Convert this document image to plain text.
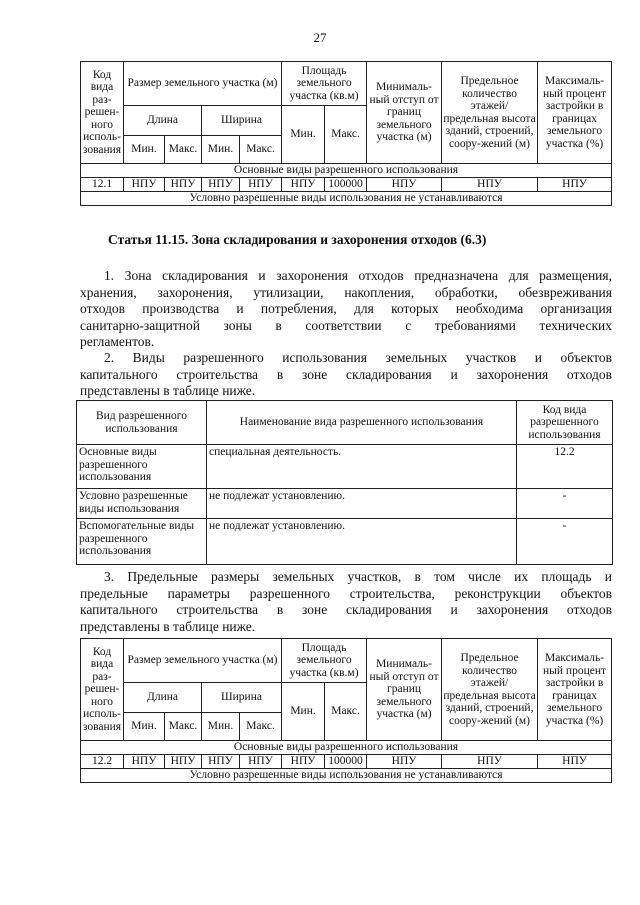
27
Код вида раз-решен-ного исполь-зования	Размер земельного участка (м)				Площадь земельного участка (кв.м)		Минималь-ный отступ от границ земельного участка (м)	Предельное количество этажей/ предельная высота зданий, строений, соору-жений (м)	Максималь-ный процент застройки в границах земельного участка (%)
	Длина		Ширина		Мин.	Макс.			
	Мин.	Макс.	Мин.	Макс.					
Основные виды разрешенного использования									
12.1	НПУ	НПУ	НПУ	НПУ	НПУ	100000	НПУ	НПУ	НПУ
Условно разрешенные виды использования не устанавливаются									
Статья 11.15. Зона складирования и захоронения отходов (6.3)
1. Зона складирования и захоронения отходов предназначена для размещения,
хранения, захоронения, утилизации, накопления, обработки, обезвреживания
отходов производства и потребления, для которых необходима организация
санитарно-защитной зоны в соответствии с требованиями технических
регламентов.
2. Виды разрешенного использования земельных участков и объектов
капитального строительства в зоне складирования и захоронения отходов
представлены в таблице ниже.
Вид разрешенного использования	Наименование вида разрешенного использования	Код вида разрешенного использования
Основные виды разрешенного использования	специальная деятельность.	12.2
Условно разрешенные виды использования	не подлежат установлению.	-
Вспомогательные виды разрешенного использования	не подлежат установлению.	-
3. Предельные размеры земельных участков, в том числе их площадь и
предельные параметры разрешенного строительства, реконструкции объектов
капитального строительства в зоне складирования и захоронения отходов
представлены в таблице ниже.
Код вида раз-решен-ного исполь-зования	Размер земельного участка (м)				Площадь земельного участка (кв.м)		Минималь-ный отступ от границ земельного участка (м)	Предельное количество этажей/ предельная высота зданий, строений, соору-жений (м)	Максималь-ный процент застройки в границах земельного участка (%)
	Длина		Ширина		Мин.	Макс.			
	Мин.	Макс.	Мин.	Макс.					
Основные виды разрешенного использования									
12.2	НПУ	НПУ	НПУ	НПУ	НПУ	100000	НПУ	НПУ	НПУ
Условно разрешенные виды использования не устанавливаются									
